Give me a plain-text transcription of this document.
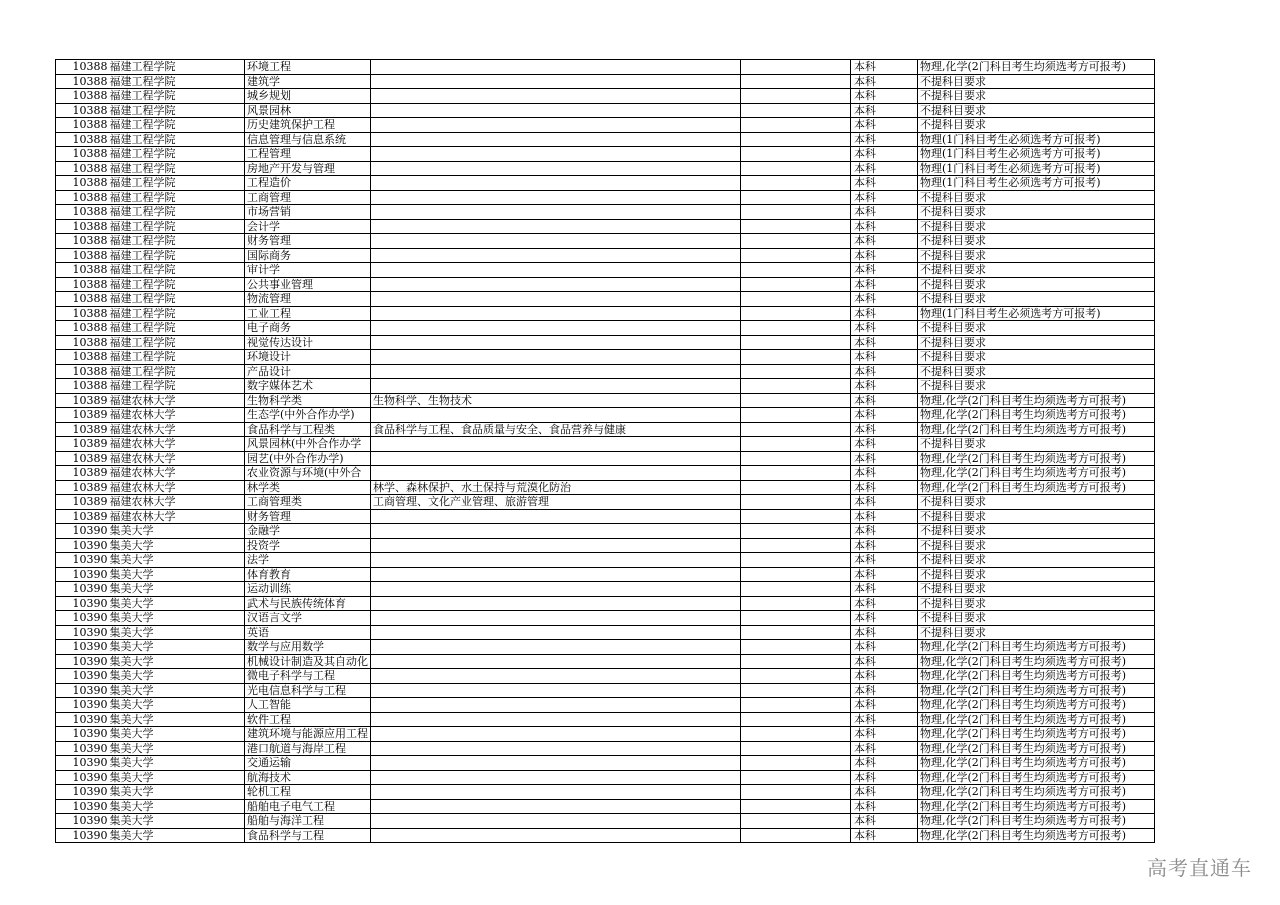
10388	福建工程学院	环境工程			本科	物理,化学(2门科目考生均须选考方可报考)
10388	福建工程学院	建筑学			本科	不提科目要求
10388	福建工程学院	城乡规划			本科	不提科目要求
10388	福建工程学院	风景园林			本科	不提科目要求
10388	福建工程学院	历史建筑保护工程			本科	不提科目要求
10388	福建工程学院	信息管理与信息系统			本科	物理(1门科目考生必须选考方可报考)
10388	福建工程学院	工程管理			本科	物理(1门科目考生必须选考方可报考)
10388	福建工程学院	房地产开发与管理			本科	物理(1门科目考生必须选考方可报考)
10388	福建工程学院	工程造价			本科	物理(1门科目考生必须选考方可报考)
10388	福建工程学院	工商管理			本科	不提科目要求
10388	福建工程学院	市场营销			本科	不提科目要求
10388	福建工程学院	会计学			本科	不提科目要求
10388	福建工程学院	财务管理			本科	不提科目要求
10388	福建工程学院	国际商务			本科	不提科目要求
10388	福建工程学院	审计学			本科	不提科目要求
10388	福建工程学院	公共事业管理			本科	不提科目要求
10388	福建工程学院	物流管理			本科	不提科目要求
10388	福建工程学院	工业工程			本科	物理(1门科目考生必须选考方可报考)
10388	福建工程学院	电子商务			本科	不提科目要求
10388	福建工程学院	视觉传达设计			本科	不提科目要求
10388	福建工程学院	环境设计			本科	不提科目要求
10388	福建工程学院	产品设计			本科	不提科目要求
10388	福建工程学院	数字媒体艺术			本科	不提科目要求
10389	福建农林大学	生物科学类	生物科学、生物技术		本科	物理,化学(2门科目考生均须选考方可报考)
10389	福建农林大学	生态学(中外合作办学)			本科	物理,化学(2门科目考生均须选考方可报考)
10389	福建农林大学	食品科学与工程类	食品科学与工程、食品质量与安全、食品营养与健康		本科	物理,化学(2门科目考生均须选考方可报考)
10389	福建农林大学	风景园林(中外合作办学			本科	不提科目要求
10389	福建农林大学	园艺(中外合作办学)			本科	物理,化学(2门科目考生均须选考方可报考)
10389	福建农林大学	农业资源与环境(中外合			本科	物理,化学(2门科目考生均须选考方可报考)
10389	福建农林大学	林学类	林学、森林保护、水土保持与荒漠化防治		本科	物理,化学(2门科目考生均须选考方可报考)
10389	福建农林大学	工商管理类	工商管理、文化产业管理、旅游管理		本科	不提科目要求
10389	福建农林大学	财务管理			本科	不提科目要求
10390	集美大学	金融学			本科	不提科目要求
10390	集美大学	投资学			本科	不提科目要求
10390	集美大学	法学			本科	不提科目要求
10390	集美大学	体育教育			本科	不提科目要求
10390	集美大学	运动训练			本科	不提科目要求
10390	集美大学	武术与民族传统体育			本科	不提科目要求
10390	集美大学	汉语言文学			本科	不提科目要求
10390	集美大学	英语			本科	不提科目要求
10390	集美大学	数学与应用数学			本科	物理,化学(2门科目考生均须选考方可报考)
10390	集美大学	机械设计制造及其自动化			本科	物理,化学(2门科目考生均须选考方可报考)
10390	集美大学	微电子科学与工程			本科	物理,化学(2门科目考生均须选考方可报考)
10390	集美大学	光电信息科学与工程			本科	物理,化学(2门科目考生均须选考方可报考)
10390	集美大学	人工智能			本科	物理,化学(2门科目考生均须选考方可报考)
10390	集美大学	软件工程			本科	物理,化学(2门科目考生均须选考方可报考)
10390	集美大学	建筑环境与能源应用工程			本科	物理,化学(2门科目考生均须选考方可报考)
10390	集美大学	港口航道与海岸工程			本科	物理,化学(2门科目考生均须选考方可报考)
10390	集美大学	交通运输			本科	物理,化学(2门科目考生均须选考方可报考)
10390	集美大学	航海技术			本科	物理,化学(2门科目考生均须选考方可报考)
10390	集美大学	轮机工程			本科	物理,化学(2门科目考生均须选考方可报考)
10390	集美大学	船舶电子电气工程			本科	物理,化学(2门科目考生均须选考方可报考)
10390	集美大学	船舶与海洋工程			本科	物理,化学(2门科目考生均须选考方可报考)
10390	集美大学	食品科学与工程			本科	物理,化学(2门科目考生均须选考方可报考)
高考直通车
